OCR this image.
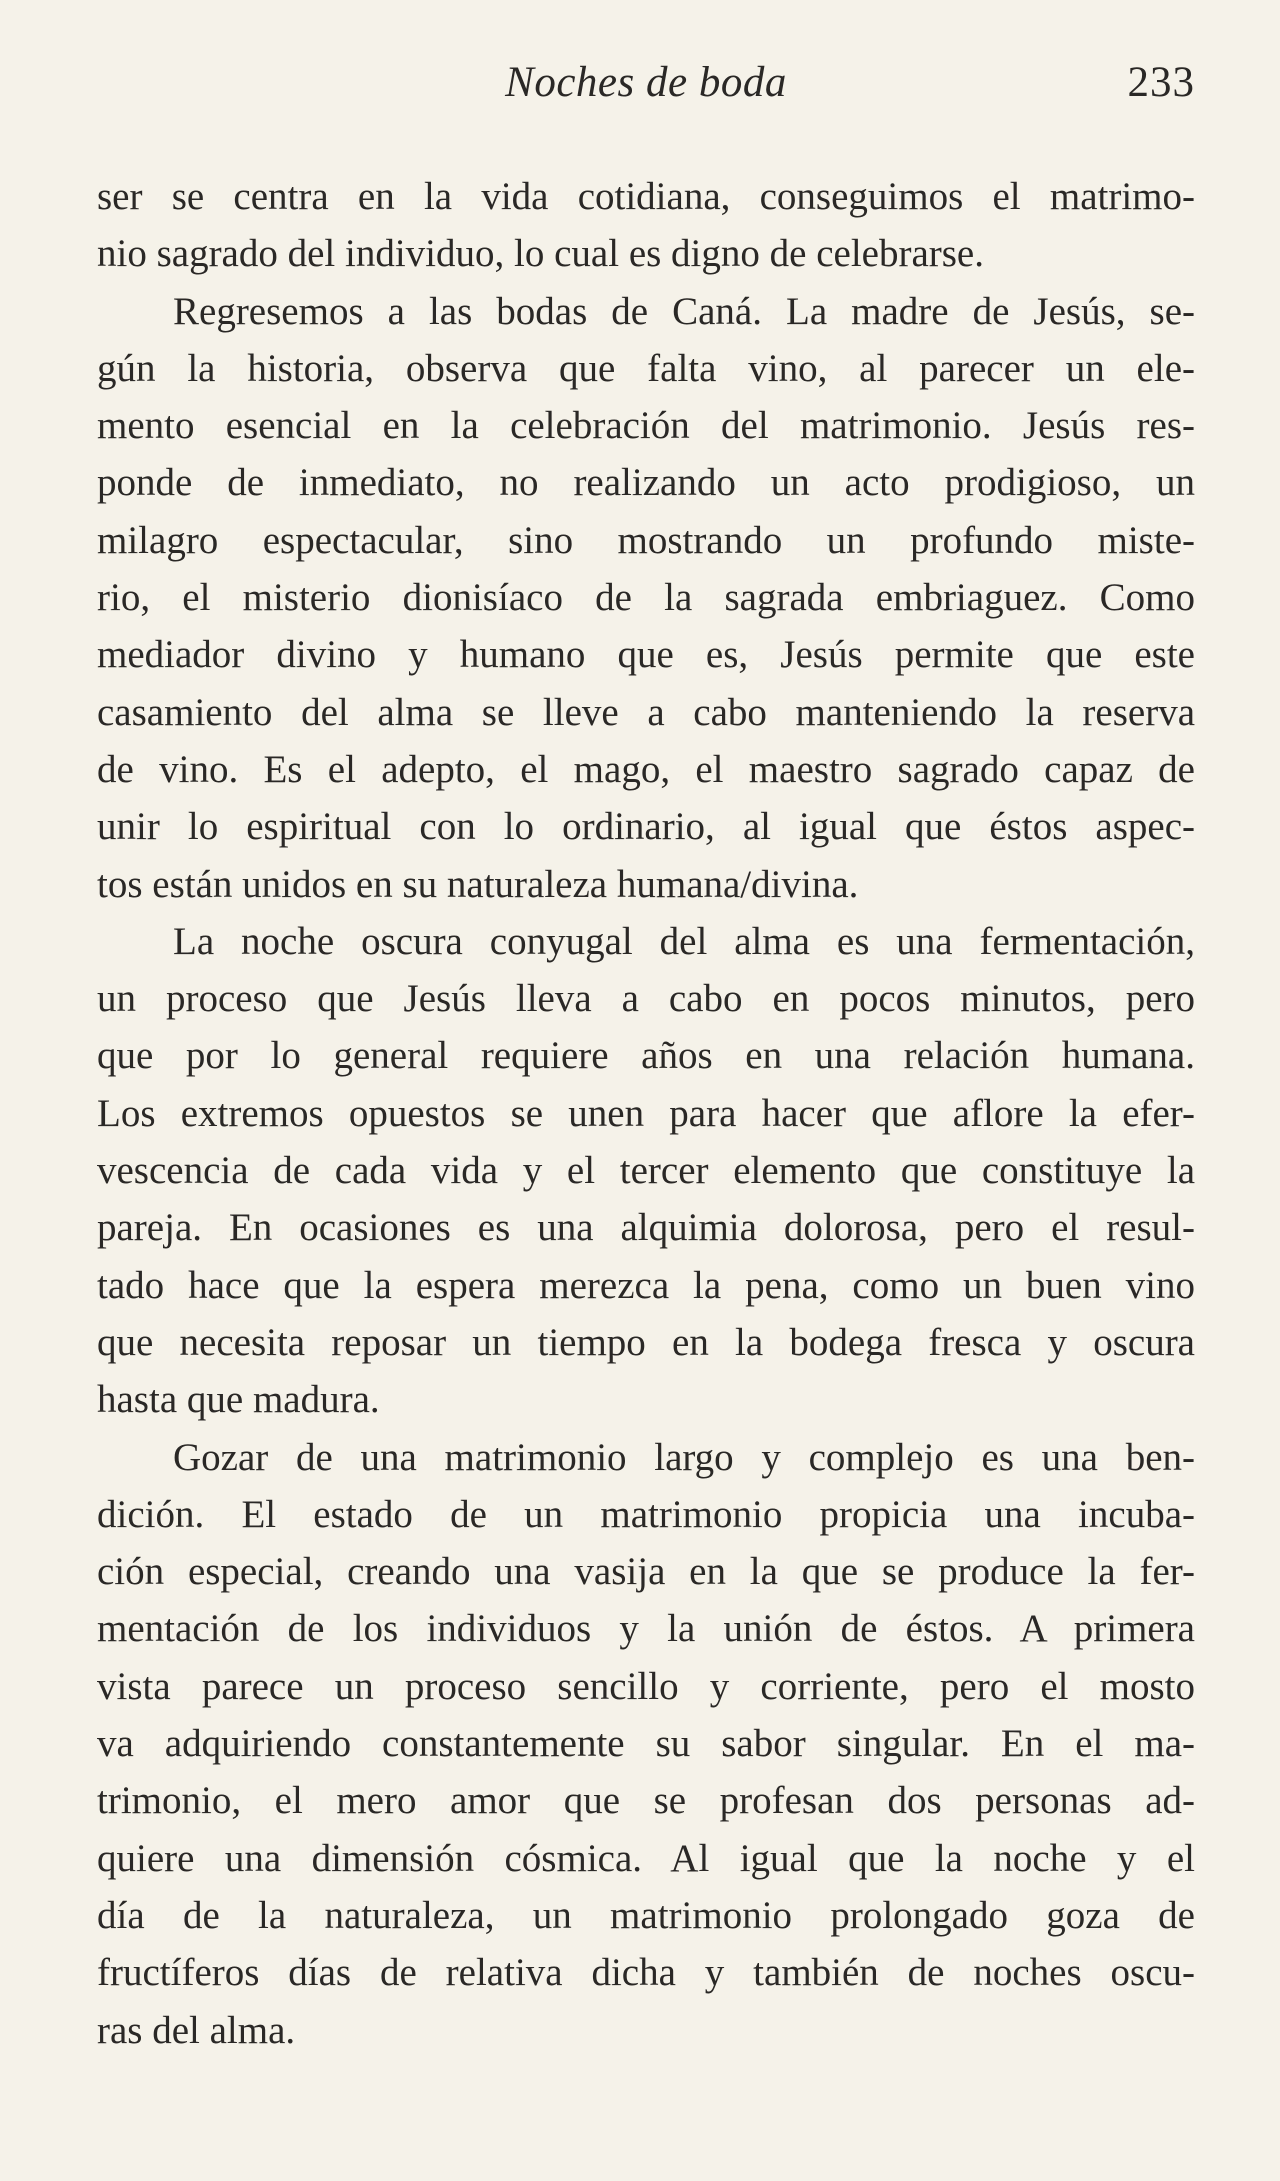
Noches de boda	233
ser se centra en la vida cotidiana, conseguimos el matrimo-
nio sagrado del individuo, lo cual es digno de celebrarse.
Regresemos a las bodas de Caná. La madre de Jesús, se-
gún la historia, observa que falta vino, al parecer un ele-
mento esencial en la celebración del matrimonio. Jesús res-
ponde de inmediato, no realizando un acto prodigioso, un
milagro espectacular, sino mostrando un profundo miste-
rio, el misterio dionisíaco de la sagrada embriaguez. Como
mediador divino y humano que es, Jesús permite que este
casamiento del alma se lleve a cabo manteniendo la reserva
de vino. Es el adepto, el mago, el maestro sagrado capaz de
unir lo espiritual con lo ordinario, al igual que éstos aspec-
tos están unidos en su naturaleza humana/divina.
La noche oscura conyugal del alma es una fermentación,
un proceso que Jesús lleva a cabo en pocos minutos, pero
que por lo general requiere años en una relación humana.
Los extremos opuestos se unen para hacer que aflore la efer-
vescencia de cada vida y el tercer elemento que constituye la
pareja. En ocasiones es una alquimia dolorosa, pero el resul-
tado hace que la espera merezca la pena, como un buen vino
que necesita reposar un tiempo en la bodega fresca y oscura
hasta que madura.
Gozar de una matrimonio largo y complejo es una ben-
dición. El estado de un matrimonio propicia una incuba-
ción especial, creando una vasija en la que se produce la fer-
mentación de los individuos y la unión de éstos. A primera
vista parece un proceso sencillo y corriente, pero el mosto
va adquiriendo constantemente su sabor singular. En el ma-
trimonio, el mero amor que se profesan dos personas ad-
quiere una dimensión cósmica. Al igual que la noche y el
día de la naturaleza, un matrimonio prolongado goza de
fructíferos días de relativa dicha y también de noches oscu-
ras del alma.
